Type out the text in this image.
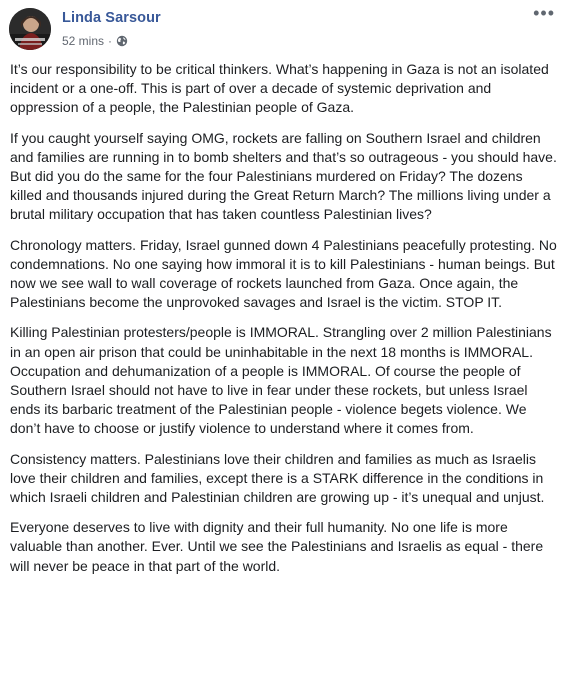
Linda Sarsour
52 mins ·
•••

It’s our responsibility to be critical thinkers. What’s happening in Gaza is not an isolated incident or a one-off. This is part of over a decade of systemic deprivation and oppression of a people, the Palestinian people of Gaza.

If you caught yourself saying OMG, rockets are falling on Southern Israel and children and families are running in to bomb shelters and that’s so outrageous - you should have. But did you do the same for the four Palestinians murdered on Friday? The dozens killed and thousands injured during the Great Return March? The millions living under a brutal military occupation that has taken countless Palestinian lives?

Chronology matters. Friday, Israel gunned down 4 Palestinians peacefully protesting. No condemnations. No one saying how immoral it is to kill Palestinians - human beings. But now we see wall to wall coverage of rockets launched from Gaza. Once again, the Palestinians become the unprovoked savages and Israel is the victim. STOP IT.

Killing Palestinian protesters/people is IMMORAL. Strangling over 2 million Palestinians in an open air prison that could be uninhabitable in the next 18 months is IMMORAL. Occupation and dehumanization of a people is IMMORAL. Of course the people of Southern Israel should not have to live in fear under these rockets, but unless Israel ends its barbaric treatment of the Palestinian people - violence begets violence. We don’t have to choose or justify violence to understand where it comes from.

Consistency matters. Palestinians love their children and families as much as Israelis love their children and families, except there is a STARK difference in the conditions in which Israeli children and Palestinian children are growing up - it’s unequal and unjust.

Everyone deserves to live with dignity and their full humanity. No one life is more valuable than another. Ever. Until we see the Palestinians and Israelis as equal - there will never be peace in that part of the world.
